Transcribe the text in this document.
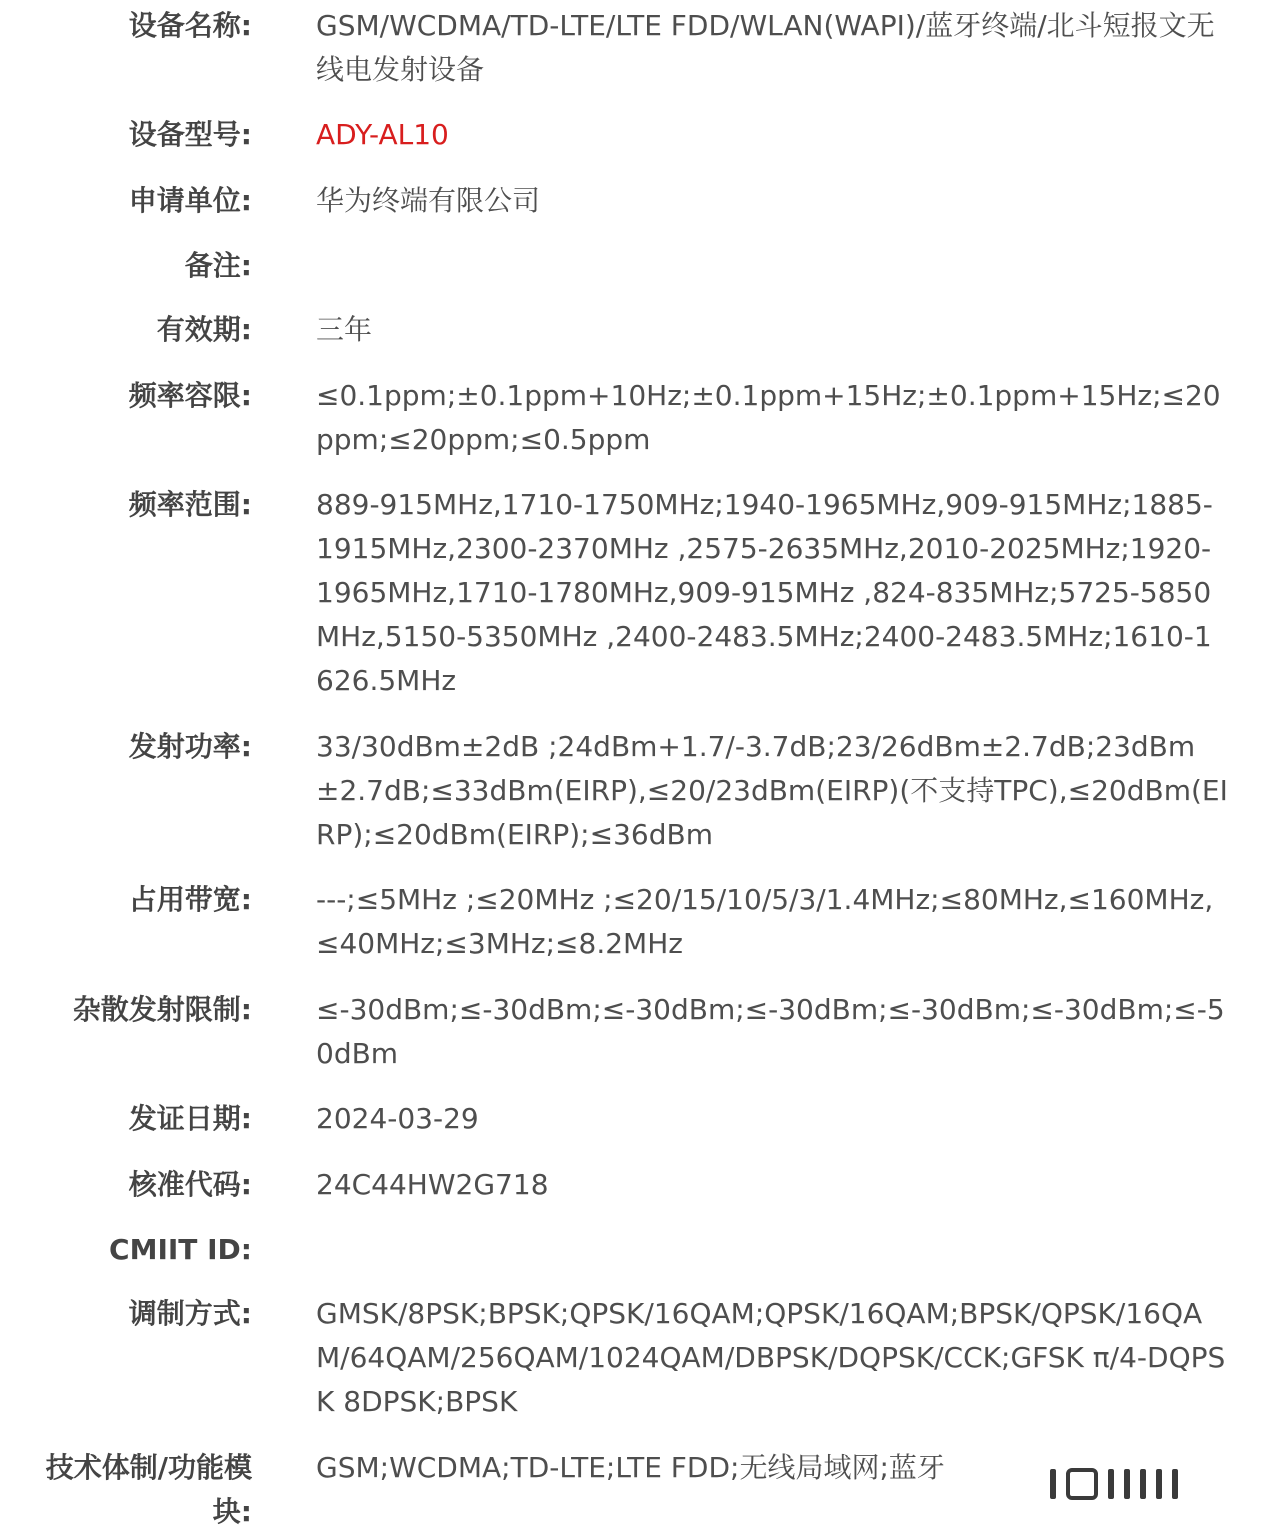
设备名称: GSM/WCDMA/TD-LTE/LTE FDD/WLAN(WAPI)/蓝牙终端/北斗短报文无线电发射设备
设备型号: ADY-AL10
申请单位: 华为终端有限公司
备注:
有效期: 三年
频率容限: ≤0.1ppm;±0.1ppm+10Hz;±0.1ppm+15Hz;±0.1ppm+15Hz;≤20ppm;≤20ppm;≤0.5ppm
频率范围: 889-915MHz,1710-1750MHz;1940-1965MHz,909-915MHz;1885-1915MHz,2300-2370MHz ,2575-2635MHz,2010-2025MHz;1920-1965MHz,1710-1780MHz,909-915MHz ,824-835MHz;5725-5850MHz,5150-5350MHz ,2400-2483.5MHz;2400-2483.5MHz;1610-1626.5MHz
发射功率: 33/30dBm±2dB ;24dBm+1.7/-3.7dB;23/26dBm±2.7dB;23dBm±2.7dB;≤33dBm(EIRP),≤20/23dBm(EIRP)(不支持TPC),≤20dBm(EIRP);≤20dBm(EIRP);≤36dBm
占用带宽: ---;≤5MHz ;≤20MHz ;≤20/15/10/5/3/1.4MHz;≤80MHz,≤160MHz,≤40MHz;≤3MHz;≤8.2MHz
杂散发射限制: ≤-30dBm;≤-30dBm;≤-30dBm;≤-30dBm;≤-30dBm;≤-30dBm;≤-50dBm
发证日期: 2024-03-29
核准代码: 24C44HW2G718
CMIIT ID:
调制方式: GMSK/8PSK;BPSK;QPSK/16QAM;QPSK/16QAM;BPSK/QPSK/16QAM/64QAM/256QAM/1024QAM/DBPSK/DQPSK/CCK;GFSK π/4-DQPSK 8DPSK;BPSK
技术体制/功能模块:
GSM;WCDMA;TD-LTE;LTE FDD;无线局域网;蓝牙
